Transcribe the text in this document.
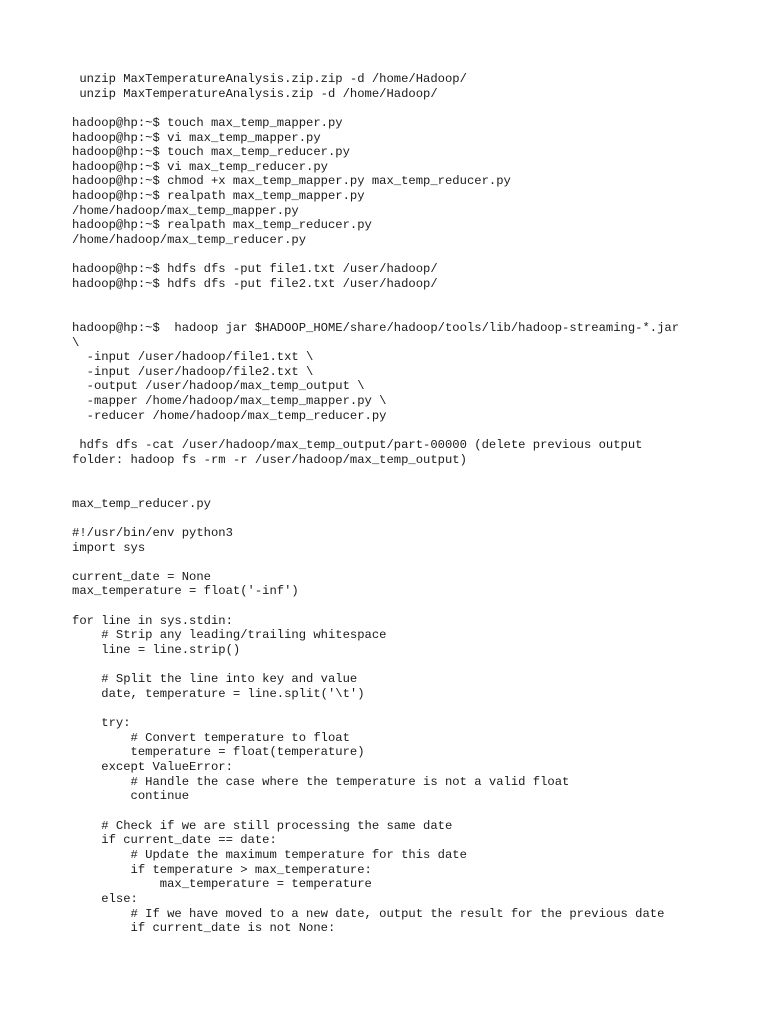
unzip MaxTemperatureAnalysis.zip.zip -d /home/Hadoop/
unzip MaxTemperatureAnalysis.zip -d /home/Hadoop/
hadoop@hp:~$ touch max_temp_mapper.py
hadoop@hp:~$ vi max_temp_mapper.py
hadoop@hp:~$ touch max_temp_reducer.py
hadoop@hp:~$ vi max_temp_reducer.py
hadoop@hp:~$ chmod +x max_temp_mapper.py max_temp_reducer.py
hadoop@hp:~$ realpath max_temp_mapper.py
/home/hadoop/max_temp_mapper.py
hadoop@hp:~$ realpath max_temp_reducer.py
/home/hadoop/max_temp_reducer.py
hadoop@hp:~$ hdfs dfs -put file1.txt /user/hadoop/
hadoop@hp:~$ hdfs dfs -put file2.txt /user/hadoop/
hadoop@hp:~$  hadoop jar $HADOOP_HOME/share/hadoop/tools/lib/hadoop-streaming-*.jar
\
-input /user/hadoop/file1.txt \
-input /user/hadoop/file2.txt \
-output /user/hadoop/max_temp_output \
-mapper /home/hadoop/max_temp_mapper.py \
-reducer /home/hadoop/max_temp_reducer.py
hdfs dfs -cat /user/hadoop/max_temp_output/part-00000 (delete previous output
folder: hadoop fs -rm -r /user/hadoop/max_temp_output)
max_temp_reducer.py
#!/usr/bin/env python3
import sys
current_date = None
max_temperature = float('-inf')
for line in sys.stdin:
# Strip any leading/trailing whitespace
line = line.strip()
# Split the line into key and value
date, temperature = line.split('\t')
try:
# Convert temperature to float
temperature = float(temperature)
except ValueError:
# Handle the case where the temperature is not a valid float
continue
# Check if we are still processing the same date
if current_date == date:
# Update the maximum temperature for this date
if temperature > max_temperature:
max_temperature = temperature
else:
# If we have moved to a new date, output the result for the previous date
if current_date is not None:
